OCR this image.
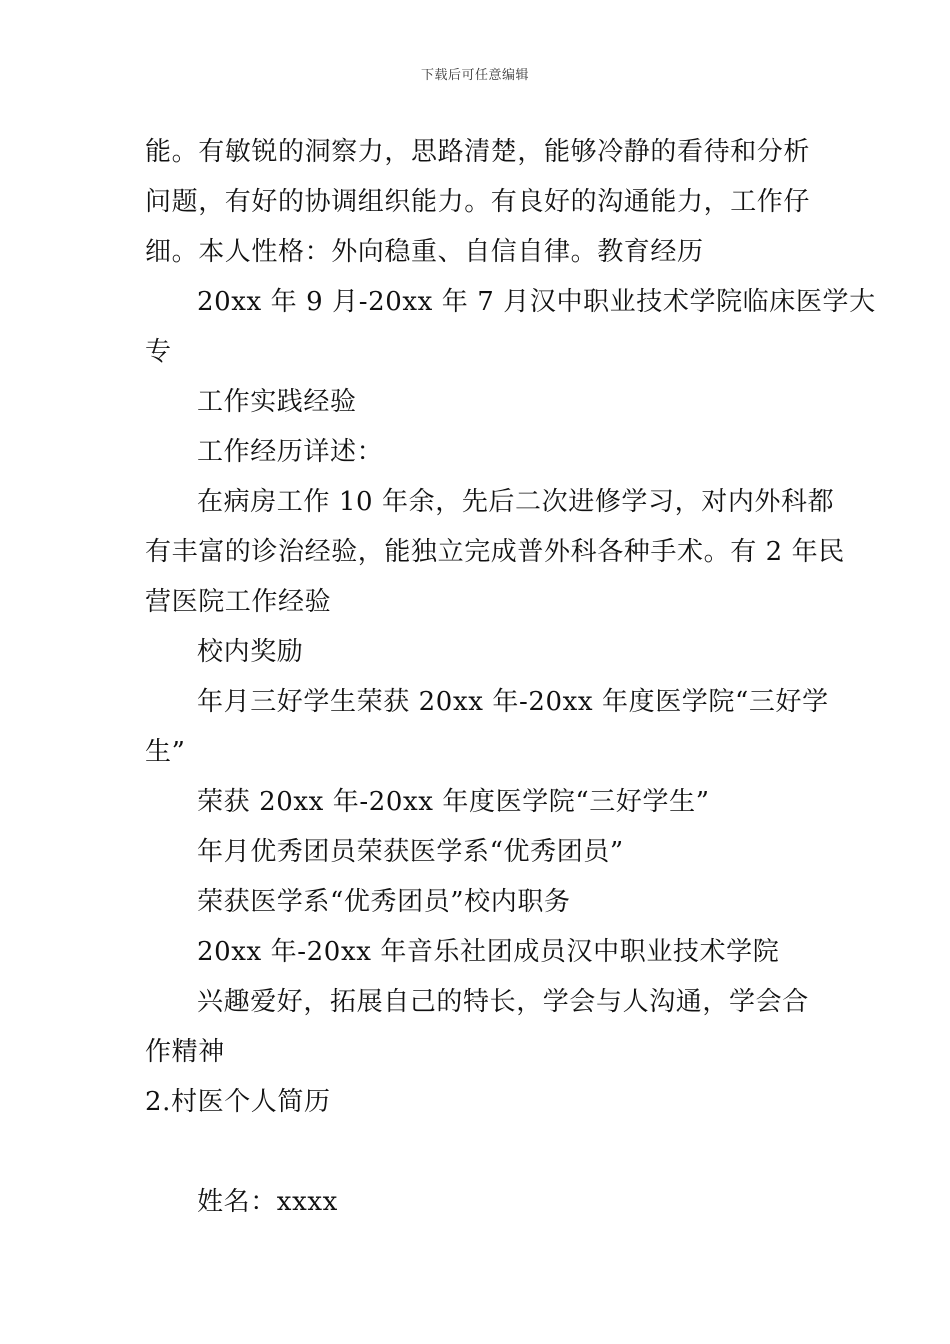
下载后可任意编辑
能。有敏锐的洞察力，思路清楚，能够冷静的看待和分析
问题，有好的协调组织能力。有良好的沟通能力，工作仔
细。本人性格：外向稳重、自信自律。教育经历
20xx 年 9 月-20xx 年 7 月汉中职业技术学院临床医学大
专
工作实践经验
工作经历详述：
在病房工作 10 年余，先后二次进修学习，对内外科都
有丰富的诊治经验，能独立完成普外科各种手术。有 2 年民
营医院工作经验
校内奖励
年月三好学生荣获 20xx 年-20xx 年度医学院“三好学
生”
荣获 20xx 年-20xx 年度医学院“三好学生”
年月优秀团员荣获医学系“优秀团员”
荣获医学系“优秀团员”校内职务
20xx 年-20xx 年音乐社团成员汉中职业技术学院
兴趣爱好，拓展自己的特长，学会与人沟通，学会合
作精神
2.村医个人简历
姓名：xxxx
